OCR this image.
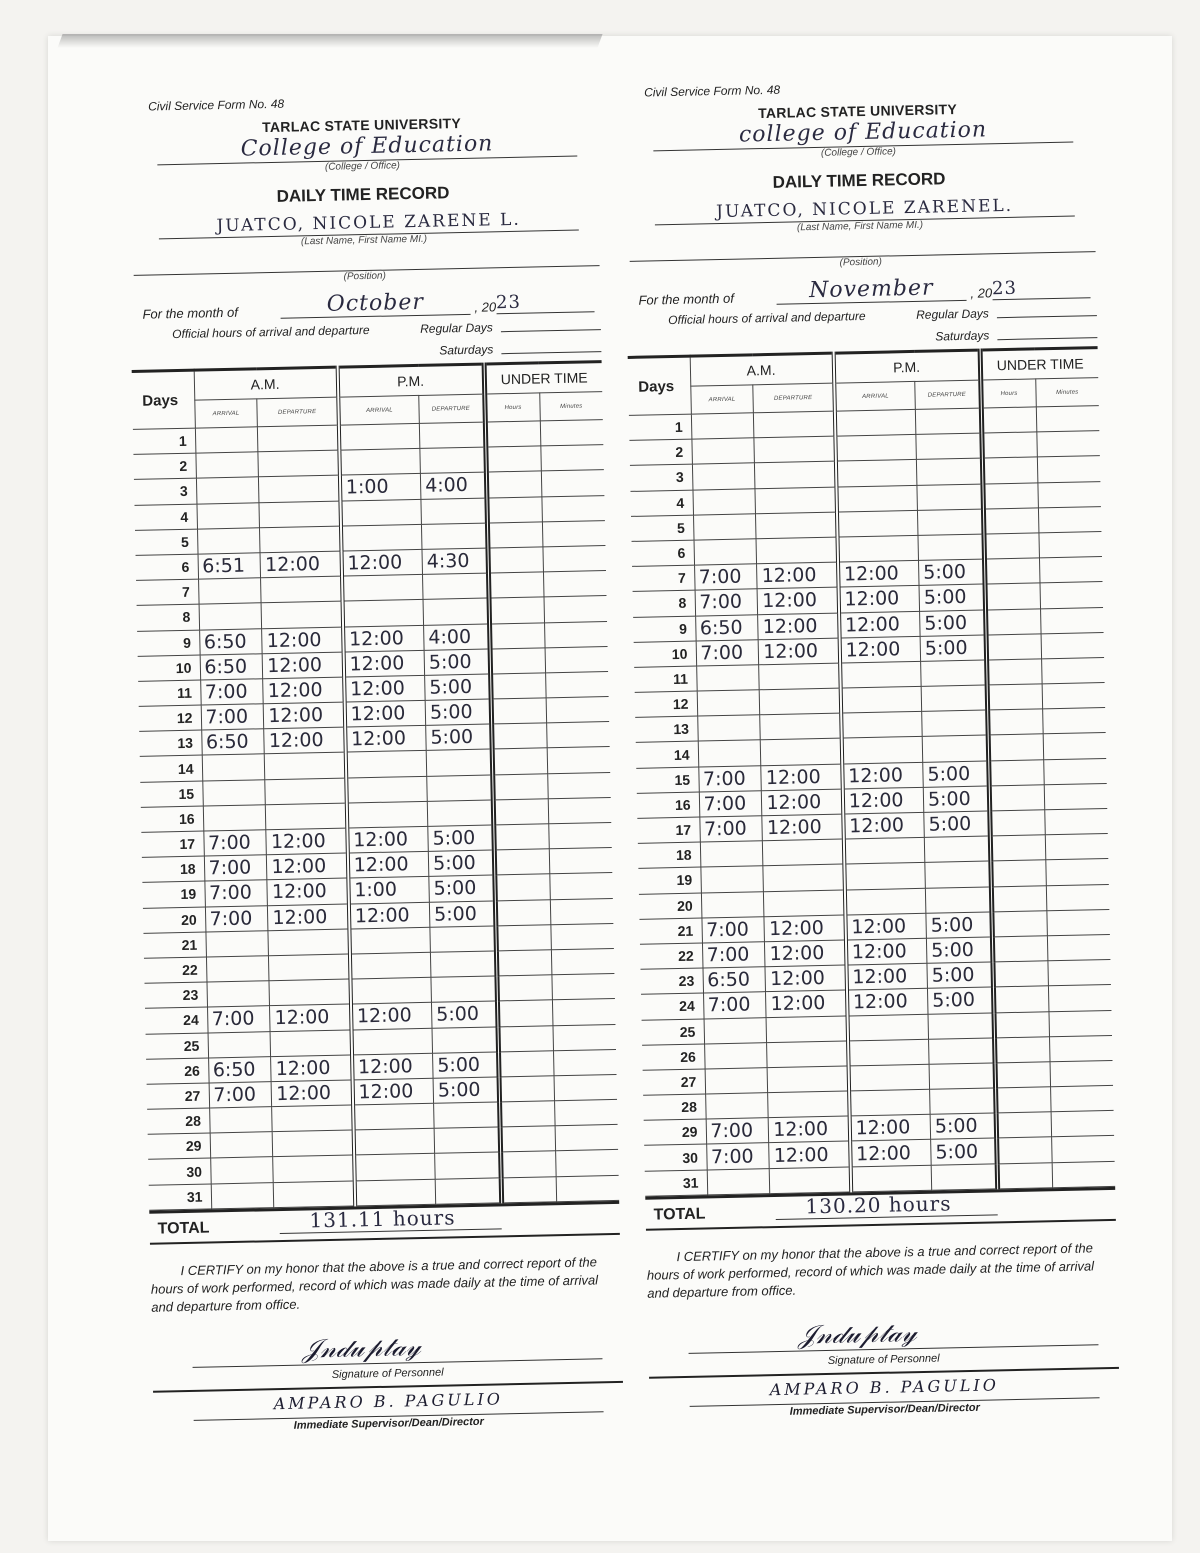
Civil Service Form No. 48
TARLAC STATE UNIVERSITY
College of Education
(College / Office)
DAILY TIME RECORD
JUATCO, NICOLE ZARENE L.
(Last Name, First Name MI.)
(Position)
For the month of	October	, 20 23
Official hours of arrival and departure	Regular Days
Saturdays
Days	A.M.		P.M.		UNDER TIME	
	ARRIVAL	DEPARTURE	ARRIVAL	DEPARTURE	Hours	Minutes
1						
2						
3			1:00	4:00		
4						
5						
6	6:51	12:00	12:00	4:30		
7						
8						
9	6:50	12:00	12:00	4:00		
10	6:50	12:00	12:00	5:00		
11	7:00	12:00	12:00	5:00		
12	7:00	12:00	12:00	5:00		
13	6:50	12:00	12:00	5:00		
14						
15						
16						
17	7:00	12:00	12:00	5:00		
18	7:00	12:00	12:00	5:00		
19	7:00	12:00	1:00	5:00		
20	7:00	12:00	12:00	5:00		
21						
22						
23						
24	7:00	12:00	12:00	5:00		
25						
26	6:50	12:00	12:00	5:00		
27	7:00	12:00	12:00	5:00		
28						
29						
30						
31						
TOTAL	131.11 hours
I CERTIFY on my honor that the above is a true and correct report of the hours of work performed, record of which was made daily at the time of arrival and departure from office.
𝒥𝓃𝒹𝓊𝓅𝓉𝒶𝓎
Signature of Personnel
AMPARO B. PAGULIO
Immediate Supervisor/Dean/Director
Civil Service Form No. 48
TARLAC STATE UNIVERSITY
college of Education
(College / Office)
DAILY TIME RECORD
JUATCO, NICOLE ZARENEL.
(Last Name, First Name MI.)
(Position)
For the month of	November	, 20 23
Official hours of arrival and departure	Regular Days
Saturdays
Days	A.M.		P.M.		UNDER TIME	
	ARRIVAL	DEPARTURE	ARRIVAL	DEPARTURE	Hours	Minutes
1						
2						
3						
4						
5						
6						
7	7:00	12:00	12:00	5:00		
8	7:00	12:00	12:00	5:00		
9	6:50	12:00	12:00	5:00		
10	7:00	12:00	12:00	5:00		
11						
12						
13						
14						
15	7:00	12:00	12:00	5:00		
16	7:00	12:00	12:00	5:00		
17	7:00	12:00	12:00	5:00		
18						
19						
20						
21	7:00	12:00	12:00	5:00		
22	7:00	12:00	12:00	5:00		
23	6:50	12:00	12:00	5:00		
24	7:00	12:00	12:00	5:00		
25						
26						
27						
28						
29	7:00	12:00	12:00	5:00		
30	7:00	12:00	12:00	5:00		
31						
TOTAL	130.20 hours
I CERTIFY on my honor that the above is a true and correct report of the hours of work performed, record of which was made daily at the time of arrival and departure from office.
𝒥𝓃𝒹𝓊𝓅𝓉𝒶𝓎
Signature of Personnel
AMPARO B. PAGULIO
Immediate Supervisor/Dean/Director
